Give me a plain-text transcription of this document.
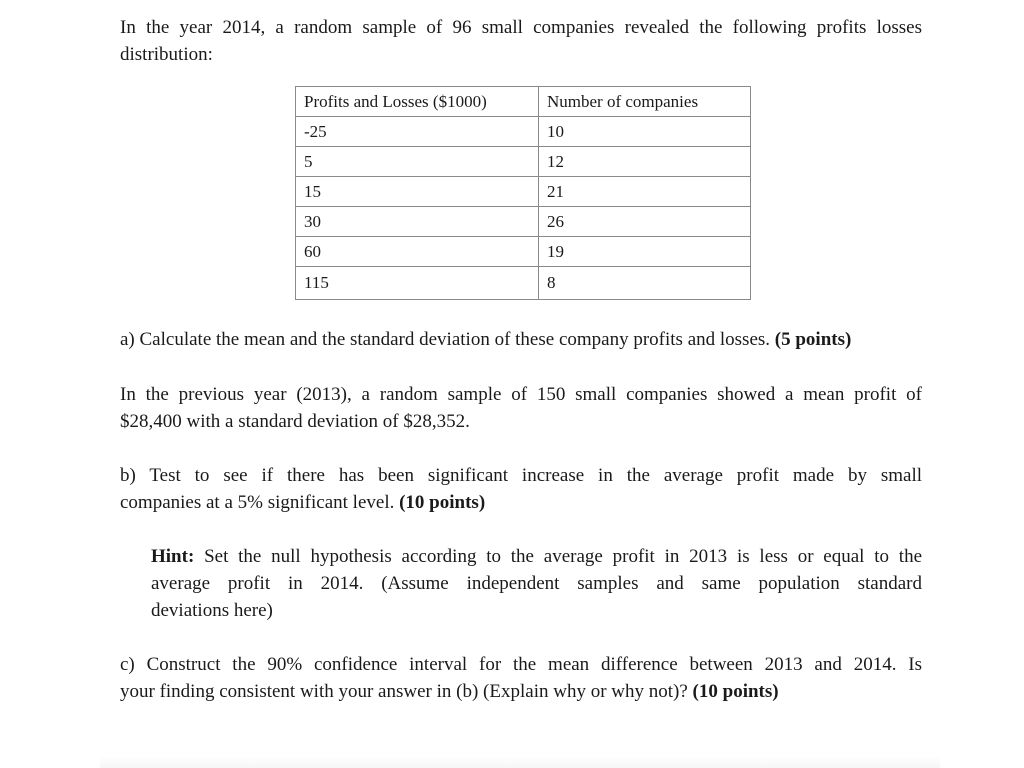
In the year 2014, a random sample of 96 small companies revealed the following profits losses
distribution:

Profits and Losses ($1000)	Number of companies
-25	10
5	12
15	21
30	26
60	19
115	8

a) Calculate the mean and the standard deviation of these company profits and losses. (5 points)

In the previous year (2013), a random sample of 150 small companies showed a mean profit of
$28,400 with a standard deviation of $28,352.

b) Test to see if there has been significant increase in the average profit made by small
companies at a 5% significant level. (10 points)

Hint: Set the null hypothesis according to the average profit in 2013 is less or equal to the
average profit in 2014. (Assume independent samples and same population standard
deviations here)

c) Construct the 90% confidence interval for the mean difference between 2013 and 2014. Is
your finding consistent with your answer in (b) (Explain why or why not)? (10 points)
